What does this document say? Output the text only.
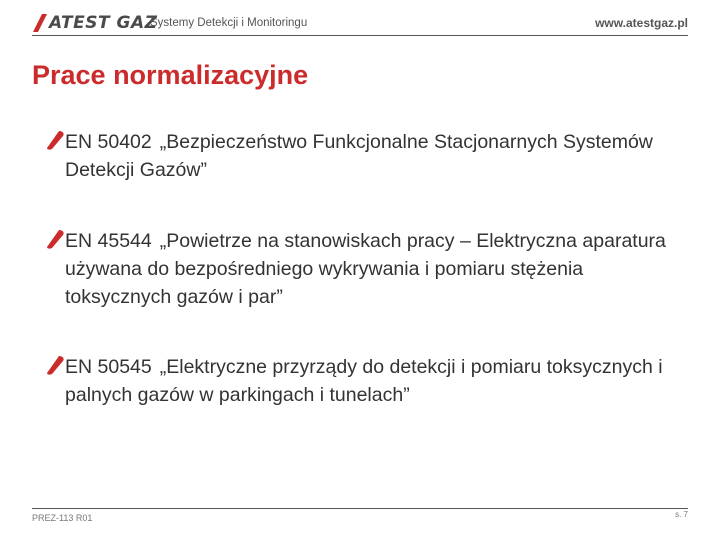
ATEST GAZ
Systemy Detekcji i Monitoringu	www.atestgaz.pl
Prace normalizacyjne
EN 50402 „Bezpieczeństwo Funkcjonalne Stacjonarnych Systemów Detekcji Gazów”
EN 45544 „Powietrze na stanowiskach pracy – Elektryczna aparatura używana do bezpośredniego wykrywania i pomiaru stężenia toksycznych gazów i par”
EN 50545 „Elektryczne przyrządy do detekcji i pomiaru toksycznych i palnych gazów w parkingach i tunelach”
PREZ-113 R01	s. 7
